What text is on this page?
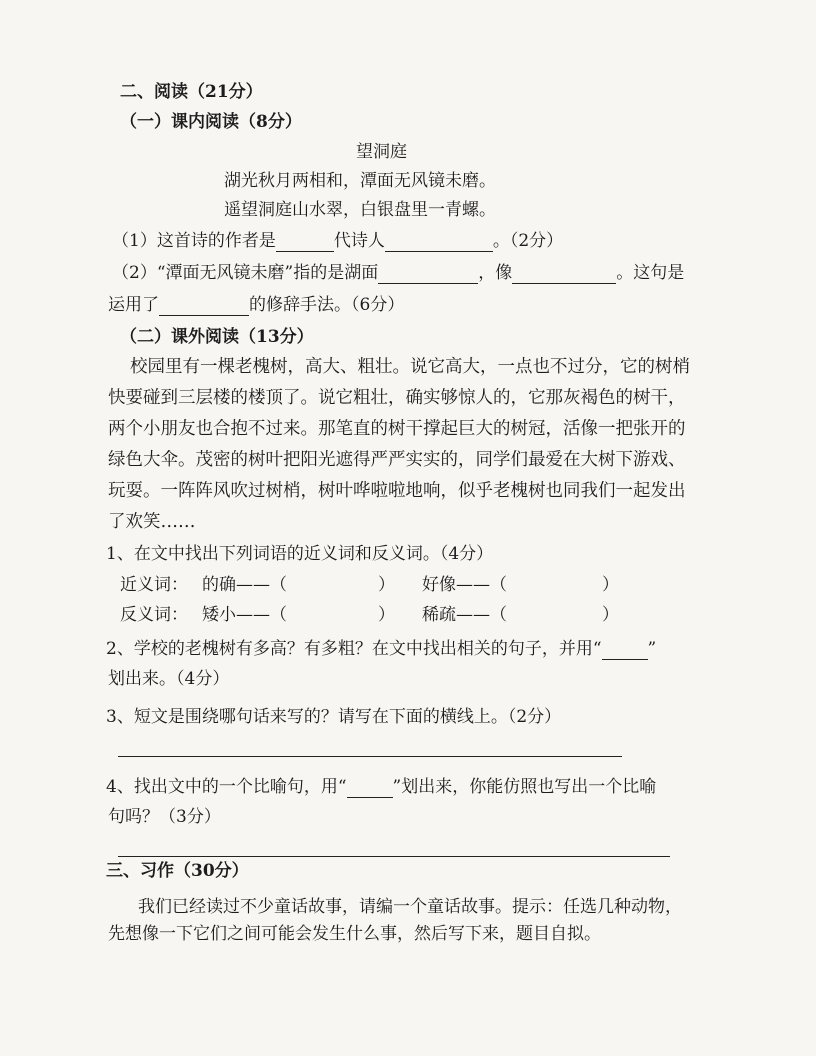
二、阅读（21分）
（一）课内阅读（8分）
望洞庭
湖光秋月两相和，潭面无风镜未磨。
遥望洞庭山水翠，白银盘里一青螺。
（1）这首诗的作者是	代诗人	。（2分）
（2）“潭面无风镜未磨”指的是湖面	，像	。这句是
运用了	的修辞手法。（6分）
（二）课外阅读（13分）
校园里有一棵老槐树，高大、粗壮。说它高大，一点也不过分，它的树梢
快要碰到三层楼的楼顶了。说它粗壮，确实够惊人的，它那灰褐色的树干，
两个小朋友也合抱不过来。那笔直的树干撑起巨大的树冠，活像一把张开的
绿色大伞。茂密的树叶把阳光遮得严严实实的，同学们最爱在大树下游戏、
玩耍。一阵阵风吹过树梢，树叶哗啦啦地响，似乎老槐树也同我们一起发出
了欢笑……
1、在文中找出下列词语的近义词和反义词。（4分）
近义词： 的确——（	） 好像——（	）
反义词： 矮小——（	） 稀疏——（	）
2、学校的老槐树有多高？有多粗？在文中找出相关的句子，并用“	”
划出来。（4分）
3、短文是围绕哪句话来写的？请写在下面的横线上。（2分）
4、找出文中的一个比喻句，用“	”划出来，你能仿照也写出一个比喻
句吗？（3分）
三、习作（30分）
我们已经读过不少童话故事，请编一个童话故事。提示：任选几种动物，
先想像一下它们之间可能会发生什么事，然后写下来，题目自拟。
